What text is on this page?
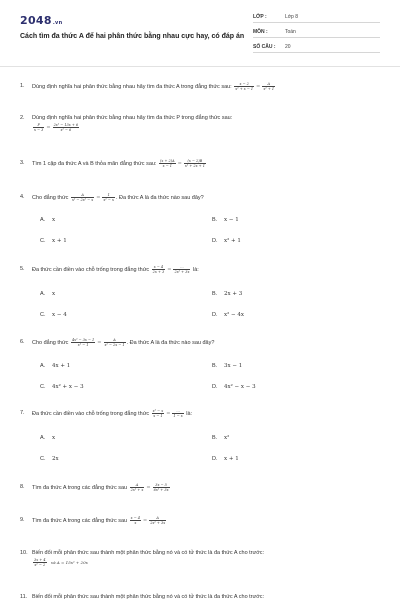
2048.vn
Cách tìm đa thức A để hai phân thức bằng nhau cực hay, có đáp án
LỚP :	Lớp 8
MÔN :	Toán
SỐ CÂU : 20
1. Dùng định nghĩa hai phân thức bằng nhau hãy tìm đa thức A trong đẳng thức sau: $\frac{x - 2}{\text{x² + x − 1}} = \frac{A}{\text{x² + 1}}$
2. Dùng định nghĩa hai phân thức bằng nhau hãy tìm đa thức P trong đẳng thức sau:
$\frac{P}{x - 3} = \frac{\text{2x² − 13x + 6}}{\text{x² − 6}}$
3. Tìm 1 cặp đa thức A và B thỏa mãn đẳng thức sau: $\frac{(x + 2)A}{x - 1} = \frac{(x - 2)B}{\text{x² + 2x + 1}}$
4. Cho đẳng thức $\frac{A}{\text{x² − 2x² − x}} = \frac{1}{\text{x² − x}}$ . Đa thức A là đa thức nào sau đây?
A. x	B. x − 1
C. x + 1	D. x² + 1
5. Đa thức cần điền vào chỗ trống trong đẳng thức $\frac{x - 4}{2x + 3} = \frac{...}{\text{2x² + 3x}}$ là:
A. x	B. 2x + 3
C. x − 4	D. x² − 4x
6. Cho đẳng thức $\frac{\text{4x² − 3x − 1}}{\text{x² − 1}} = \frac{A}{\text{x² − 2x − 1}}$ . Đa thức A là đa thức nào sau đây?
A. 4x + 1	B. 3x − 1
C. 4x² + x − 3	D. 4x² − x − 3
7. Đa thức cần điền vào chỗ trống trong đẳng thức $\frac{\text{x² − x}}{x - 1} = \frac{...}{1 - x}$ là:
A. x	B. x²
C. 2x	D. x + 1
8. Tìm đa thức A trong các đẳng thức sau $\frac{A}{\text{2x² + x}} = \frac{3x - 5}{\text{6x² + 3x}}$
9. Tìm đa thức A trong các đẳng thức sau $\frac{x - 4}{x} = \frac{A}{\text{2x² + 3x}}$
10. Biến đổi mỗi phân thức sau thành một phân thức bằng nó và có tử thức là đa thức A cho trước:
$\frac{3x + 4}{\text{x² − 2}}$ và A = 15x² + 20x
11. Biến đổi mỗi phân thức sau thành một phân thức bằng nó và có tử thức là đa thức A cho trước:
